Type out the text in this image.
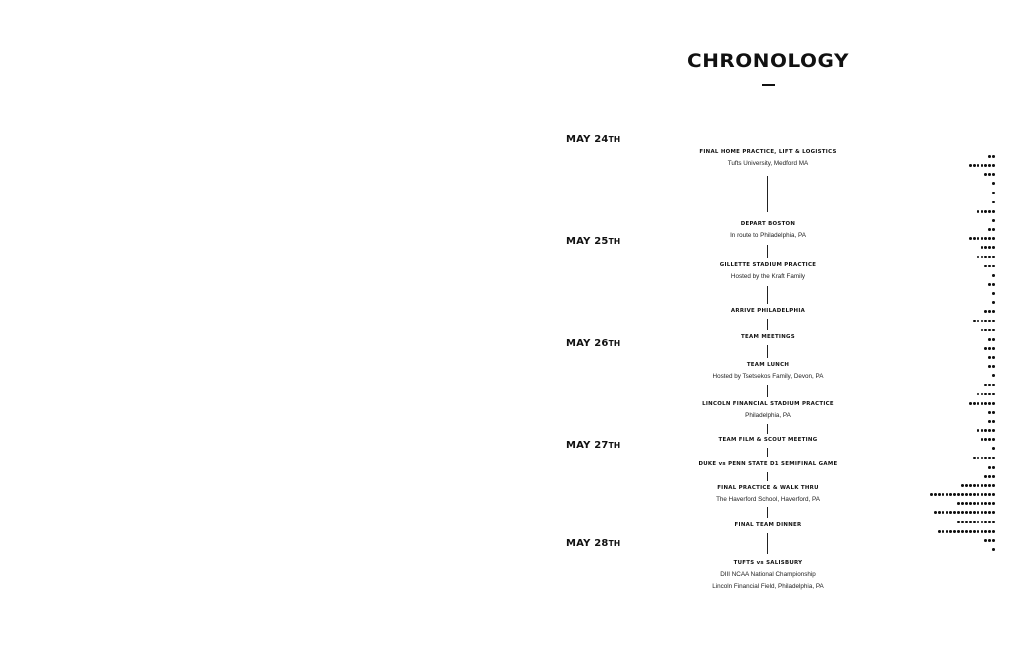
CHRONOLOGY
MAY 24TH
MAY 25TH
MAY 26TH
MAY 27TH
MAY 28TH
FINAL HOME PRACTICE, LIFT & LOGISTICS
Tufts University, Medford MA
DEPART BOSTON
In route to Philadelphia, PA
GILLETTE STADIUM PRACTICE
Hosted by the Kraft Family
ARRIVE PHILADELPHIA
TEAM MEETINGS
TEAM LUNCH
Hosted by Tsetsekos Family, Devon, PA
LINCOLN FINANCIAL STADIUM PRACTICE
Philadelphia, PA
TEAM FILM & SCOUT MEETING
DUKE vs PENN STATE D1 SEMIFINAL GAME
FINAL PRACTICE & WALK THRU
The Haverford School, Haverford, PA
FINAL TEAM DINNER
TUFTS vs SALISBURY
DIII NCAA National Championship
Lincoln Financial Field, Philadelphia, PA
